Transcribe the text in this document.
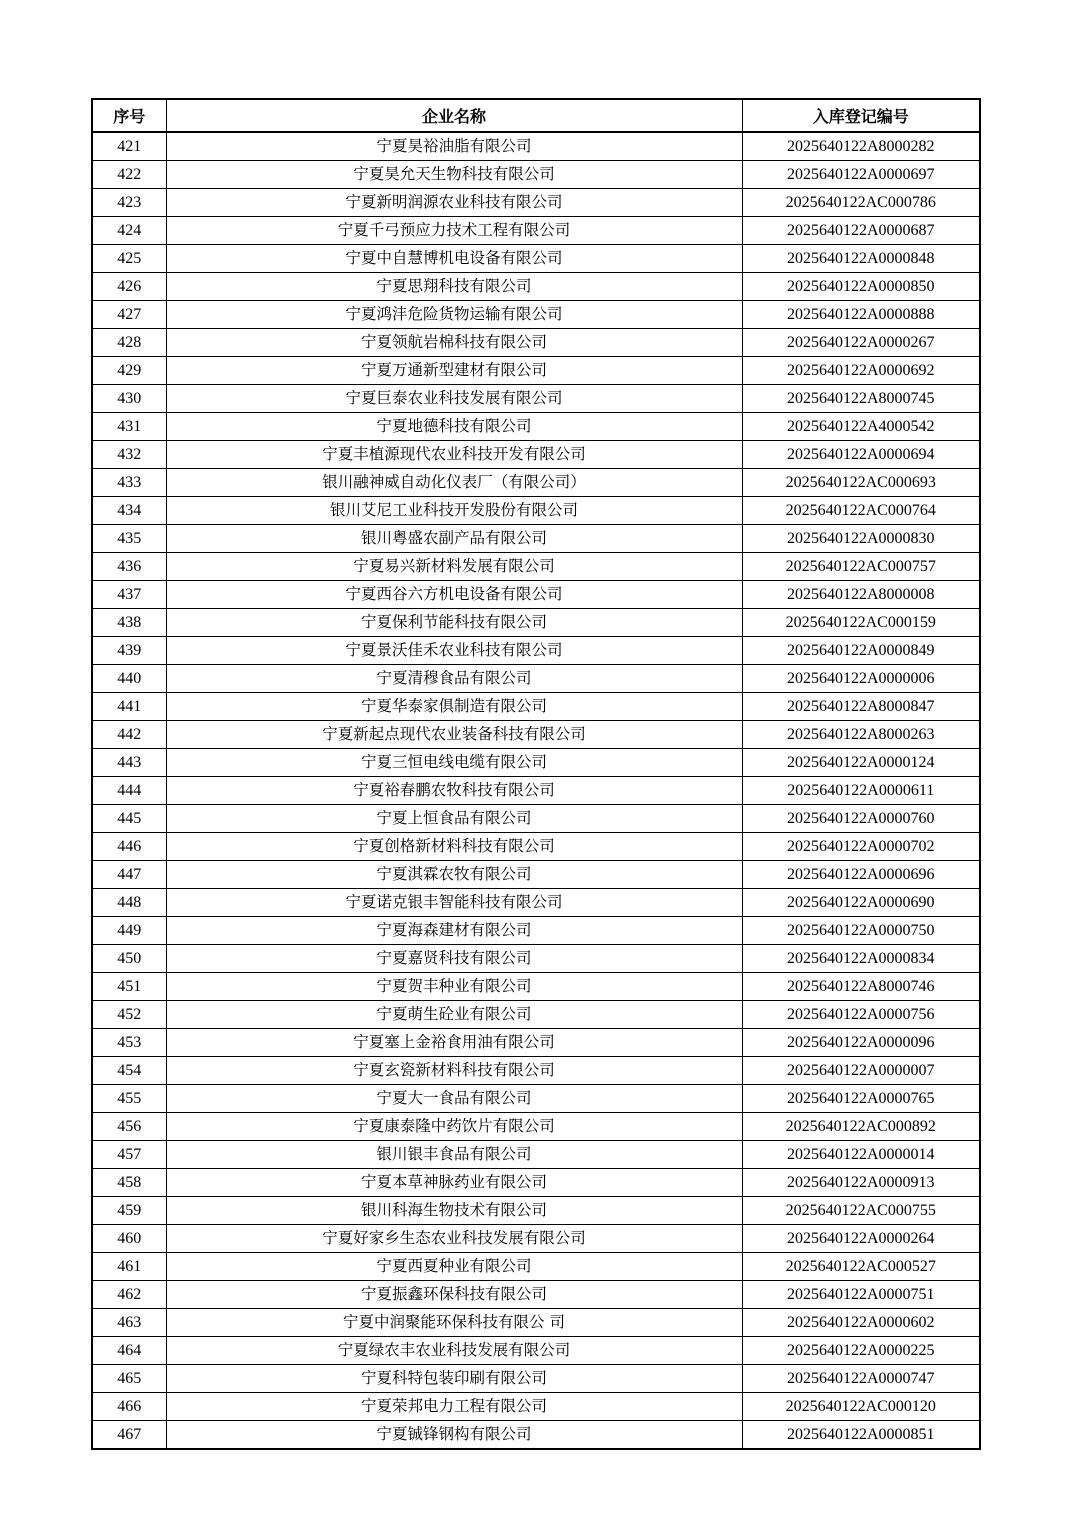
序号	企业名称	入库登记编号
421	宁夏昊裕油脂有限公司	2025640122A8000282
422	宁夏昊允天生物科技有限公司	2025640122A0000697
423	宁夏新明润源农业科技有限公司	2025640122AC000786
424	宁夏千弓预应力技术工程有限公司	2025640122A0000687
425	宁夏中自慧博机电设备有限公司	2025640122A0000848
426	宁夏思翔科技有限公司	2025640122A0000850
427	宁夏鸿沣危险货物运输有限公司	2025640122A0000888
428	宁夏领航岩棉科技有限公司	2025640122A0000267
429	宁夏万通新型建材有限公司	2025640122A0000692
430	宁夏巨泰农业科技发展有限公司	2025640122A8000745
431	宁夏地德科技有限公司	2025640122A4000542
432	宁夏丰植源现代农业科技开发有限公司	2025640122A0000694
433	银川融神威自动化仪表厂（有限公司）	2025640122AC000693
434	银川艾尼工业科技开发股份有限公司	2025640122AC000764
435	银川粤盛农副产品有限公司	2025640122A0000830
436	宁夏易兴新材料发展有限公司	2025640122AC000757
437	宁夏西谷六方机电设备有限公司	2025640122A8000008
438	宁夏保利节能科技有限公司	2025640122AC000159
439	宁夏景沃佳禾农业科技有限公司	2025640122A0000849
440	宁夏清穆食品有限公司	2025640122A0000006
441	宁夏华泰家俱制造有限公司	2025640122A8000847
442	宁夏新起点现代农业装备科技有限公司	2025640122A8000263
443	宁夏三恒电线电缆有限公司	2025640122A0000124
444	宁夏裕春鹏农牧科技有限公司	2025640122A0000611
445	宁夏上恒食品有限公司	2025640122A0000760
446	宁夏创格新材料科技有限公司	2025640122A0000702
447	宁夏淇霖农牧有限公司	2025640122A0000696
448	宁夏诺克银丰智能科技有限公司	2025640122A0000690
449	宁夏海森建材有限公司	2025640122A0000750
450	宁夏嘉贤科技有限公司	2025640122A0000834
451	宁夏贺丰种业有限公司	2025640122A8000746
452	宁夏萌生砼业有限公司	2025640122A0000756
453	宁夏塞上金裕食用油有限公司	2025640122A0000096
454	宁夏玄瓷新材料科技有限公司	2025640122A0000007
455	宁夏大一食品有限公司	2025640122A0000765
456	宁夏康泰隆中药饮片有限公司	2025640122AC000892
457	银川银丰食品有限公司	2025640122A0000014
458	宁夏本草神脉药业有限公司	2025640122A0000913
459	银川科海生物技术有限公司	2025640122AC000755
460	宁夏好家乡生态农业科技发展有限公司	2025640122A0000264
461	宁夏西夏种业有限公司	2025640122AC000527
462	宁夏振鑫环保科技有限公司	2025640122A0000751
463	宁夏中润聚能环保科技有限公 司	2025640122A0000602
464	宁夏绿农丰农业科技发展有限公司	2025640122A0000225
465	宁夏科特包装印刷有限公司	2025640122A0000747
466	宁夏荣邦电力工程有限公司	2025640122AC000120
467	宁夏铖锋钢构有限公司	2025640122A0000851
